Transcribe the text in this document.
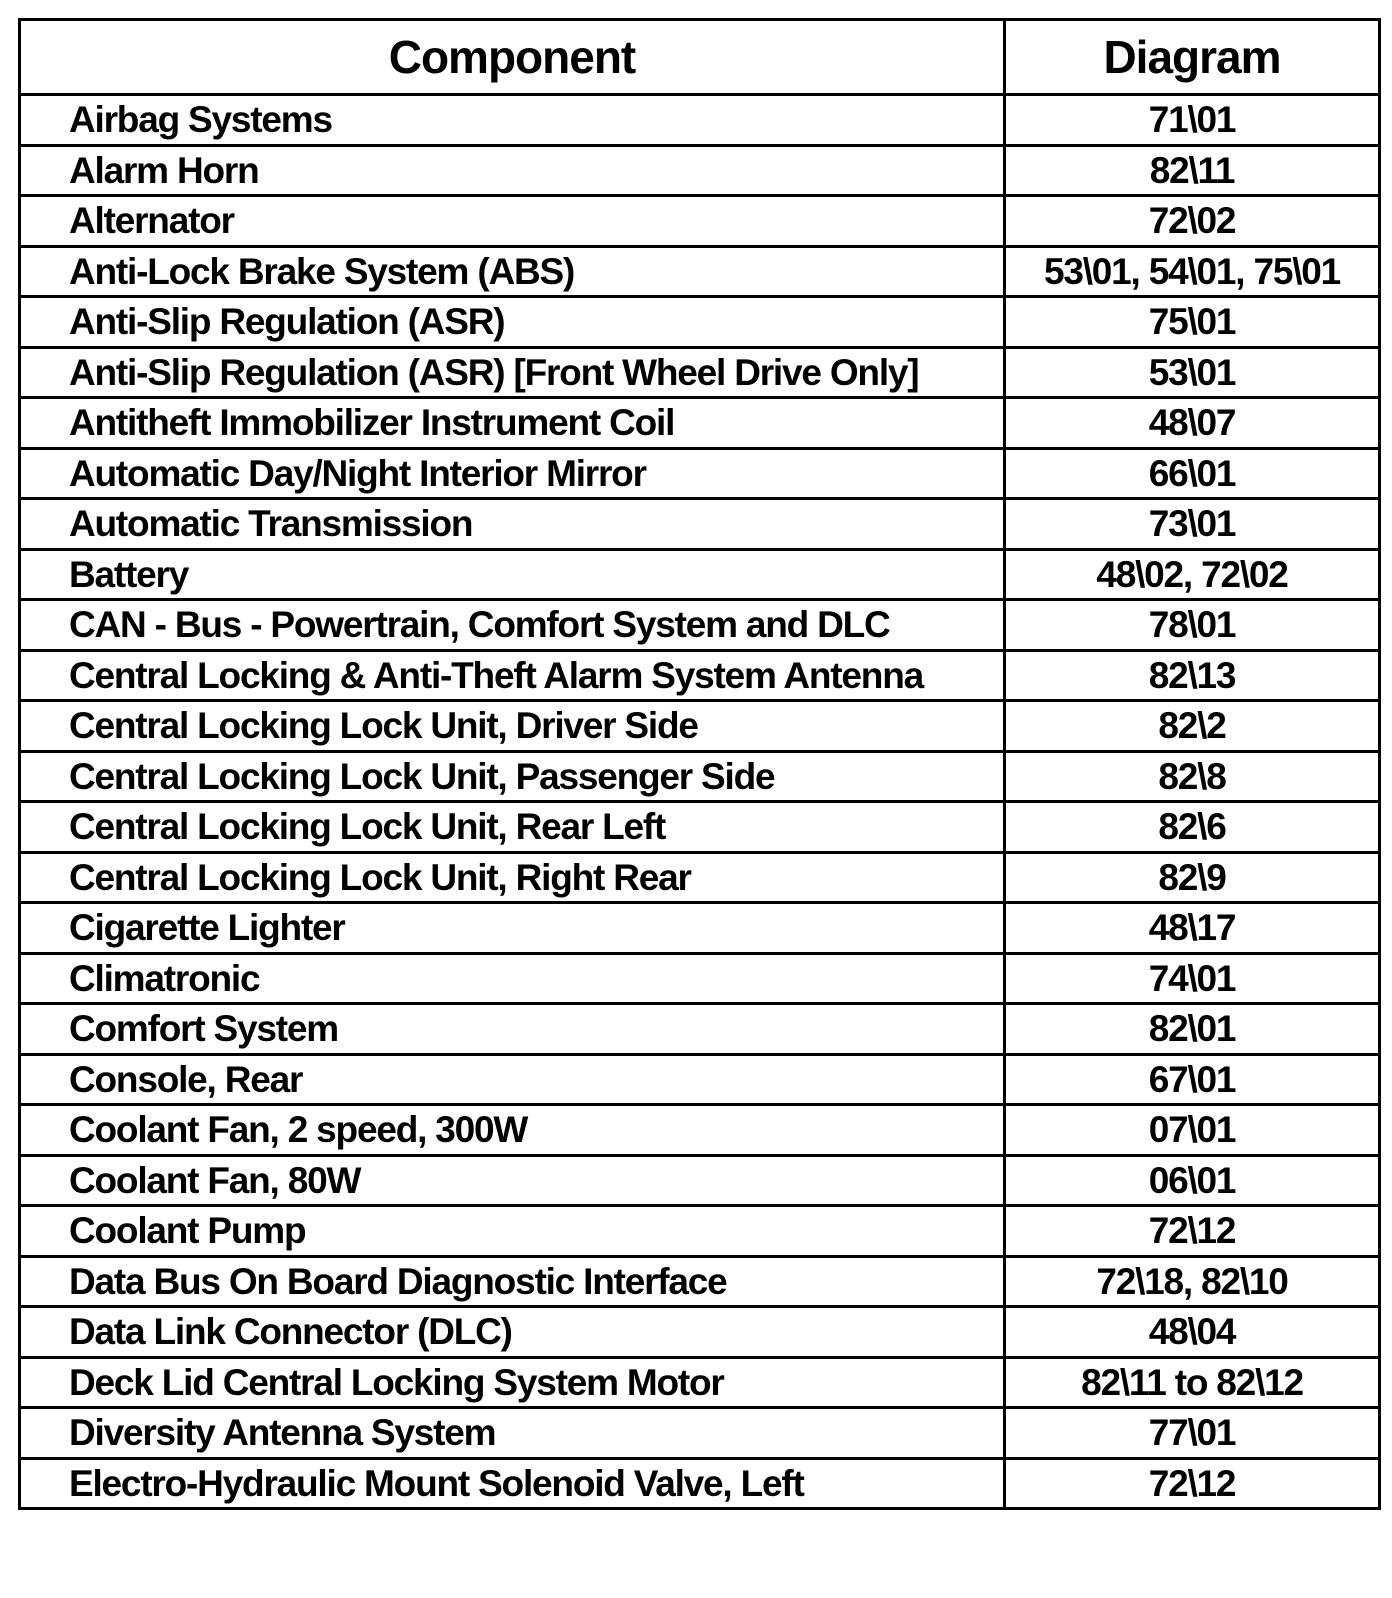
Component	Diagram
Airbag Systems	71\01
Alarm Horn	82\11
Alternator	72\02
Anti-Lock Brake System (ABS)	53\01, 54\01, 75\01
Anti-Slip Regulation (ASR)	75\01
Anti-Slip Regulation (ASR) [Front Wheel Drive Only]	53\01
Antitheft Immobilizer Instrument Coil	48\07
Automatic Day/Night Interior Mirror	66\01
Automatic Transmission	73\01
Battery	48\02, 72\02
CAN - Bus - Powertrain, Comfort System and DLC	78\01
Central Locking & Anti-Theft Alarm System Antenna	82\13
Central Locking Lock Unit, Driver Side	82\2
Central Locking Lock Unit, Passenger Side	82\8
Central Locking Lock Unit, Rear Left	82\6
Central Locking Lock Unit, Right Rear	82\9
Cigarette Lighter	48\17
Climatronic	74\01
Comfort System	82\01
Console, Rear	67\01
Coolant Fan, 2 speed, 300W	07\01
Coolant Fan, 80W	06\01
Coolant Pump	72\12
Data Bus On Board Diagnostic Interface	72\18, 82\10
Data Link Connector (DLC)	48\04
Deck Lid Central Locking System Motor	82\11 to 82\12
Diversity Antenna System	77\01
Electro-Hydraulic Mount Solenoid Valve, Left	72\12
